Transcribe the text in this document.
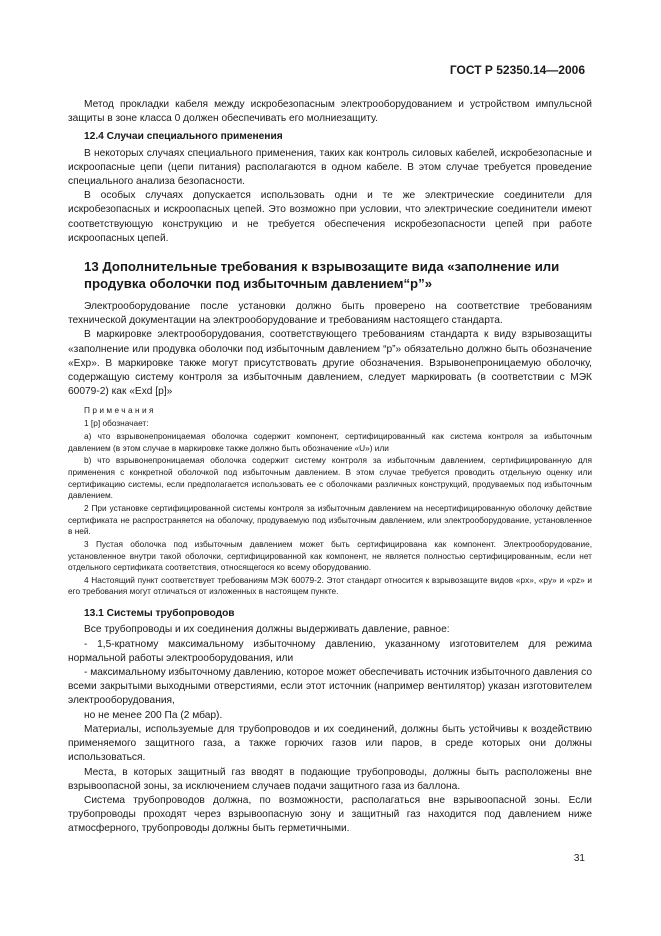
ГОСТ Р 52350.14—2006

Метод прокладки кабеля между искробезопасным электрооборудованием и устройством импульсной защиты в зоне класса 0 должен обеспечивать его молниезащиту.

12.4 Случаи специального применения

В некоторых случаях специального применения, таких как контроль силовых кабелей, искробезопасные и искроопасные цепи (цепи питания) располагаются в одном кабеле. В этом случае требуется проведение специального анализа безопасности.

В особых случаях допускается использовать одни и те же электрические соединители для искробезопасных и искроопасных цепей. Это возможно при условии, что электрические соединители имеют соответствующую конструкцию и не требуется обеспечения искробезопасности цепей при работе искроопасных цепей.

13 Дополнительные требования к взрывозащите вида «заполнение или продувка оболочки под избыточным давлением“p”»

Электрооборудование после установки должно быть проверено на соответствие требованиям технической документации на электрооборудование и требованиям настоящего стандарта.

В маркировке электрооборудования, соответствующего требованиям стандарта к виду взрывозащиты «заполнение или продувка оболочки под избыточным давлением “p”» обязательно должно быть обозначение «Exp». В маркировке также могут присутствовать другие обозначения. Взрывонепроницаемую оболочку, содержащую систему контроля за избыточным давлением, следует маркировать (в соответствии с МЭК 60079-2) как «Exd [p]»

Примечания

1 [p] обозначает:

a) что взрывонепроницаемая оболочка содержит компонент, сертифицированный как система контроля за избыточным давлением (в этом случае в маркировке также должно быть обозначение «U») или

b) что взрывонепроницаемая оболочка содержит систему контроля за избыточным давлением, сертифицированную для применения с конкретной оболочкой под избыточным давлением. В этом случае требуется проводить отдельную оценку или сертификацию системы, если предполагается использовать ее с оболочками различных конструкций, продуваемых под избыточным давлением.

2 При установке сертифицированной системы контроля за избыточным давлением на несертифицированную оболочку действие сертификата не распространяется на оболочку, продуваемую под избыточным давлением, или электрооборудование, установленное в ней.

3 Пустая оболочка под избыточным давлением может быть сертифицирована как компонент. Электрооборудование, установленное внутри такой оболочки, сертифицированной как компонент, не является полностью сертифицированным, если нет отдельного сертификата соответствия, относящегося ко всему оборудованию.

4 Настоящий пункт соответствует требованиям МЭК 60079-2. Этот стандарт относится к взрывозащите видов «px», «py» и «pz» и его требования могут отличаться от изложенных в настоящем пункте.

13.1 Системы трубопроводов

Все трубопроводы и их соединения должны выдерживать давление, равное:

- 1,5-кратному максимальному избыточному давлению, указанному изготовителем для режима нормальной работы электрооборудования, или

- максимальному избыточному давлению, которое может обеспечивать источник избыточного давления со всеми закрытыми выходными отверстиями, если этот источник (например вентилятор) указан изготовителем электрооборудования,

но не менее 200 Па (2 мбар).

Материалы, используемые для трубопроводов и их соединений, должны быть устойчивы к воздействию применяемого защитного газа, а также горючих газов или паров, в среде которых они должны использоваться.

Места, в которых защитный газ вводят в подающие трубопроводы, должны быть расположены вне взрывоопасной зоны, за исключением случаев подачи защитного газа из баллона.

Система трубопроводов должна, по возможности, располагаться вне взрывоопасной зоны. Если трубопроводы проходят через взрывоопасную зону и защитный газ находится под давлением ниже атмосферного, трубопроводы должны быть герметичными.

31
